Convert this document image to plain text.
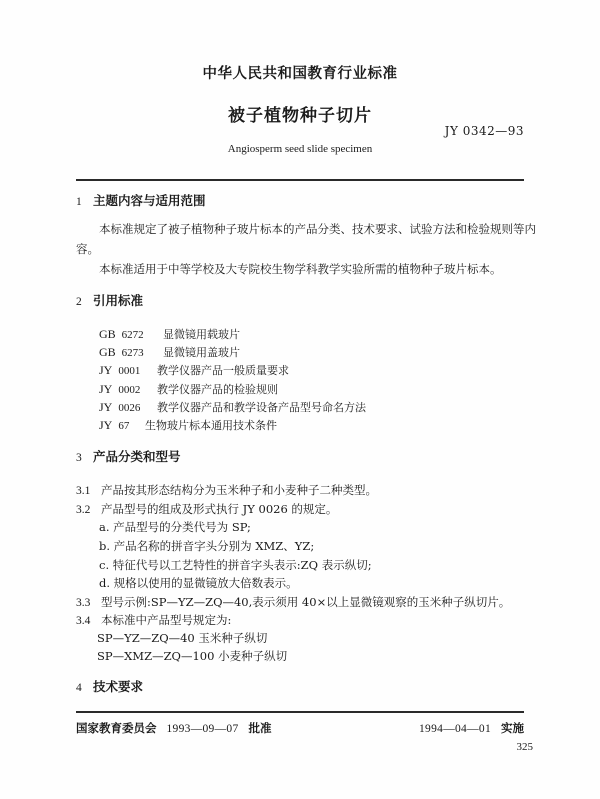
中华人民共和国教育行业标准
被子植物种子切片
JY 0342—93
Angiosperm seed slide specimen
1 主题内容与适用范围
本标准规定了被子植物种子玻片标本的产品分类、技术要求、试验方法和检验规则等内
容。
本标准适用于中等学校及大专院校生物学科教学实验所需的植物种子玻片标本。
2 引用标准
GB 6272 显微镜用载玻片
GB 6273 显微镜用盖玻片
JY 0001 教学仪器产品一般质量要求
JY 0002 教学仪器产品的检验规则
JY 0026 教学仪器产品和教学设备产品型号命名方法
JY 67 生物玻片标本通用技术条件
3 产品分类和型号
3.1 产品按其形态结构分为玉米种子和小麦种子二种类型。
3.2 产品型号的组成及形式执行 JY 0026 的规定。
a. 产品型号的分类代号为 SP;
b. 产品名称的拼音字头分别为 XMZ、YZ;
c. 特征代号以工艺特性的拼音字头表示:ZQ 表示纵切;
d. 规格以使用的显微镜放大倍数表示。
3.3 型号示例:SP—YZ—ZQ—40,表示须用 40×以上显微镜观察的玉米种子纵切片。
3.4 本标准中产品型号规定为:
SP—YZ—ZQ—40 玉米种子纵切
SP—XMZ—ZQ—100 小麦种子纵切
4 技术要求
国家教育委员会 1993—09—07 批准	1994—04—01 实施
325
